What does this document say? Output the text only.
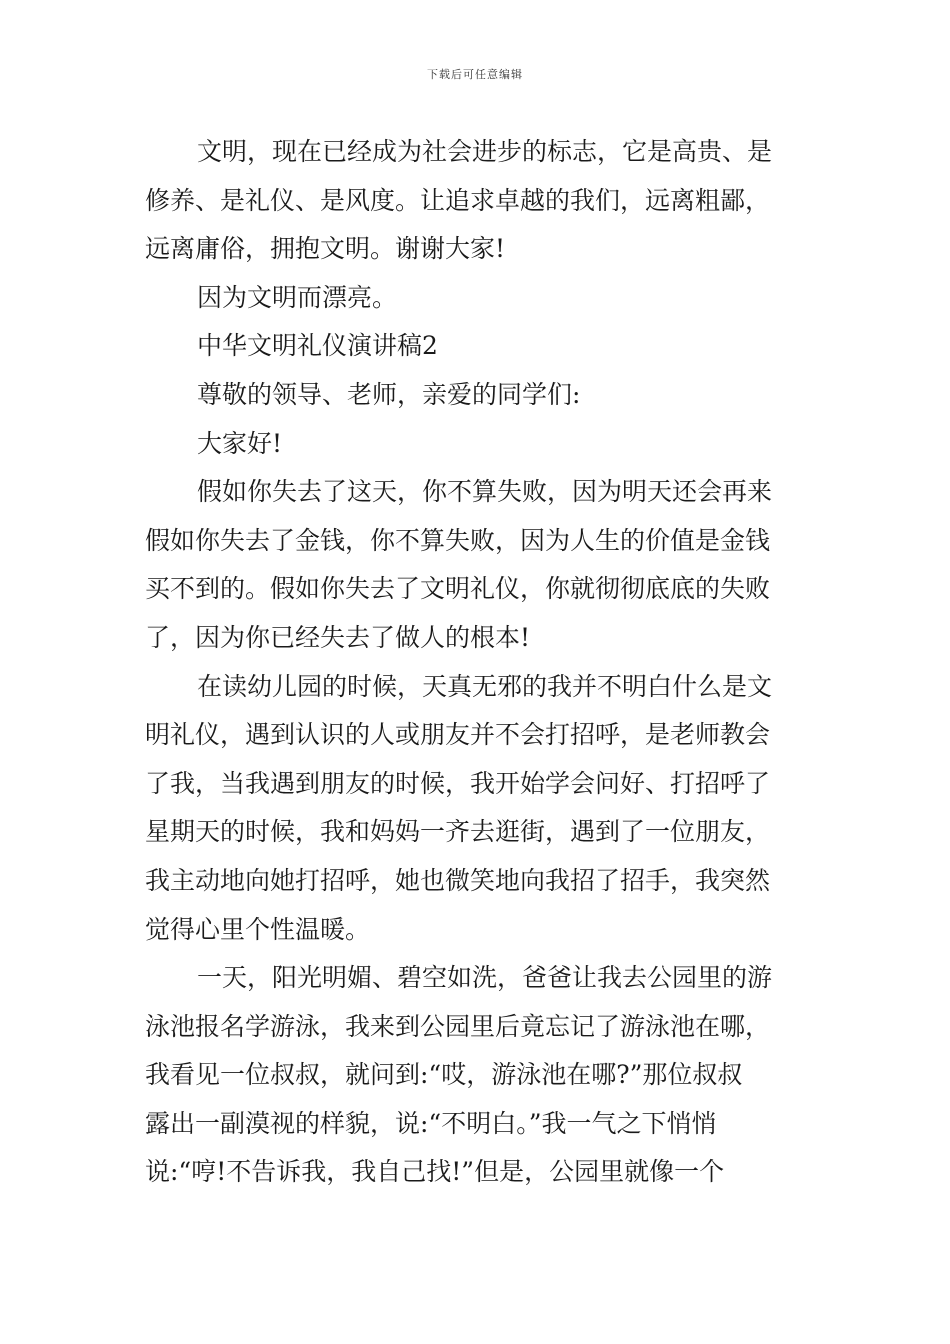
下载后可任意编辑
文明，现在已经成为社会进步的标志，它是高贵、是
修养、是礼仪、是风度。让追求卓越的我们，远离粗鄙，
远离庸俗，拥抱文明。谢谢大家!
因为文明而漂亮。
中华文明礼仪演讲稿2
尊敬的领导、老师，亲爱的同学们:
大家好!
假如你失去了这天，你不算失败，因为明天还会再来
假如你失去了金钱，你不算失败，因为人生的价值是金钱
买不到的。假如你失去了文明礼仪，你就彻彻底底的失败
了，因为你已经失去了做人的根本!
在读幼儿园的时候，天真无邪的我并不明白什么是文
明礼仪，遇到认识的人或朋友并不会打招呼，是老师教会
了我，当我遇到朋友的时候，我开始学会问好、打招呼了
星期天的时候，我和妈妈一齐去逛街，遇到了一位朋友，
我主动地向她打招呼，她也微笑地向我招了招手，我突然
觉得心里个性温暖。
一天，阳光明媚、碧空如洗，爸爸让我去公园里的游
泳池报名学游泳，我来到公园里后竟忘记了游泳池在哪，
我看见一位叔叔，就问到:“哎，游泳池在哪?”那位叔叔
露出一副漠视的样貌，说:“不明白。”我一气之下悄悄
说:“哼!不告诉我，我自己找!”但是，公园里就像一个
